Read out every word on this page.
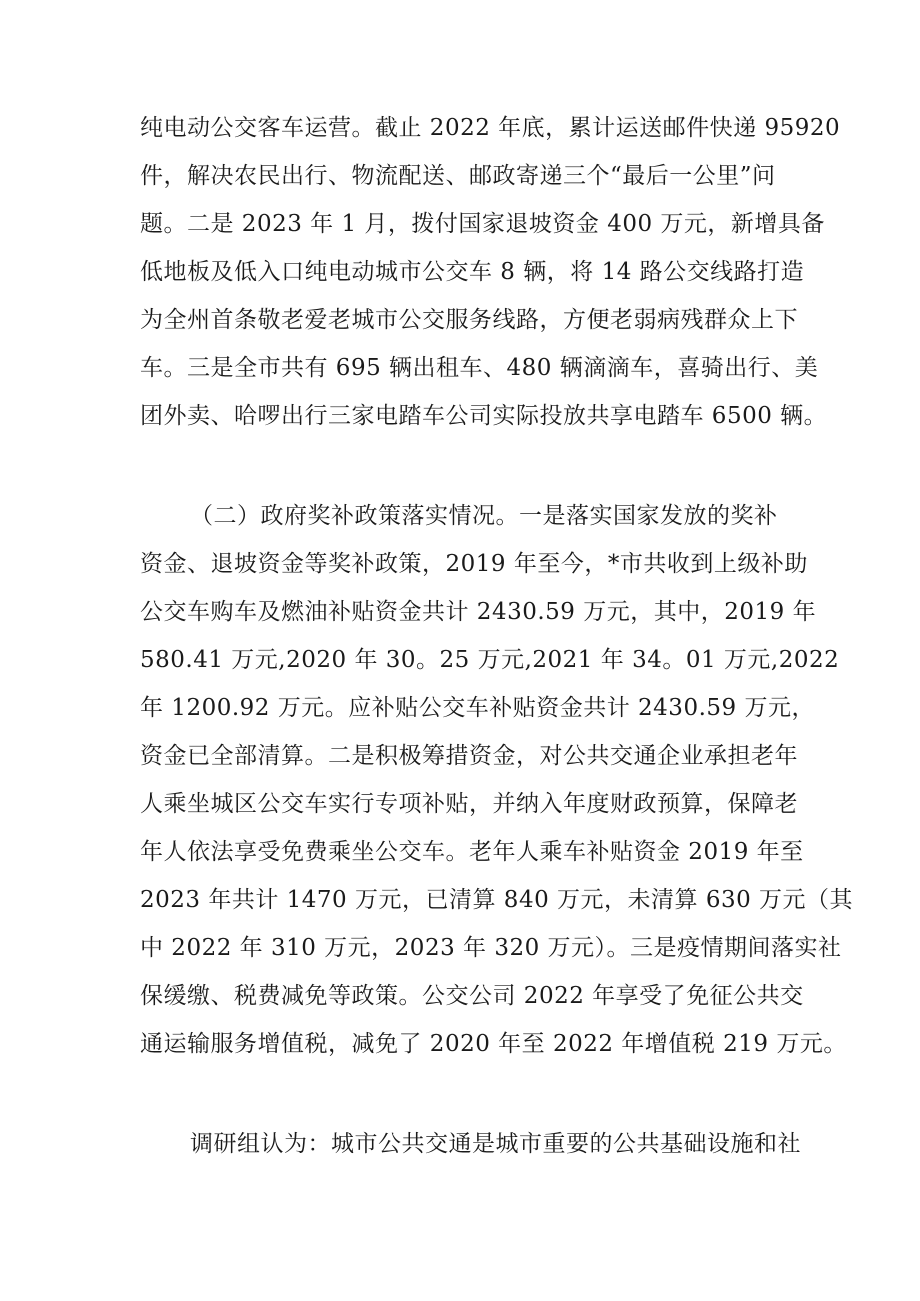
纯电动公交客车运营。截止 2022 年底，累计运送邮件快递 95920
件，解决农民出行、物流配送、邮政寄递三个“最后一公里”问
题。二是 2023 年 1 月，拨付国家退坡资金 400 万元，新增具备
低地板及低入口纯电动城市公交车 8 辆，将 14 路公交线路打造
为全州首条敬老爱老城市公交服务线路，方便老弱病残群众上下
车。三是全市共有 695 辆出租车、480 辆滴滴车，喜骑出行、美
团外卖、哈啰出行三家电踏车公司实际投放共享电踏车 6500 辆。
（二）政府奖补政策落实情况。一是落实国家发放的奖补
资金、退坡资金等奖补政策，2019 年至今，*市共收到上级补助
公交车购车及燃油补贴资金共计 2430.59 万元，其中，2019 年
580.41 万元,2020 年 30。25 万元,2021 年 34。01 万元,2022
年 1200.92 万元。应补贴公交车补贴资金共计 2430.59 万元，
资金已全部清算。二是积极筹措资金，对公共交通企业承担老年
人乘坐城区公交车实行专项补贴，并纳入年度财政预算，保障老
年人依法享受免费乘坐公交车。老年人乘车补贴资金 2019 年至
2023 年共计 1470 万元，已清算 840 万元，未清算 630 万元（其
中 2022 年 310 万元，2023 年 320 万元）。三是疫情期间落实社
保缓缴、税费减免等政策。公交公司 2022 年享受了免征公共交
通运输服务增值税，减免了 2020 年至 2022 年增值税 219 万元。
调研组认为：城市公共交通是城市重要的公共基础设施和社
